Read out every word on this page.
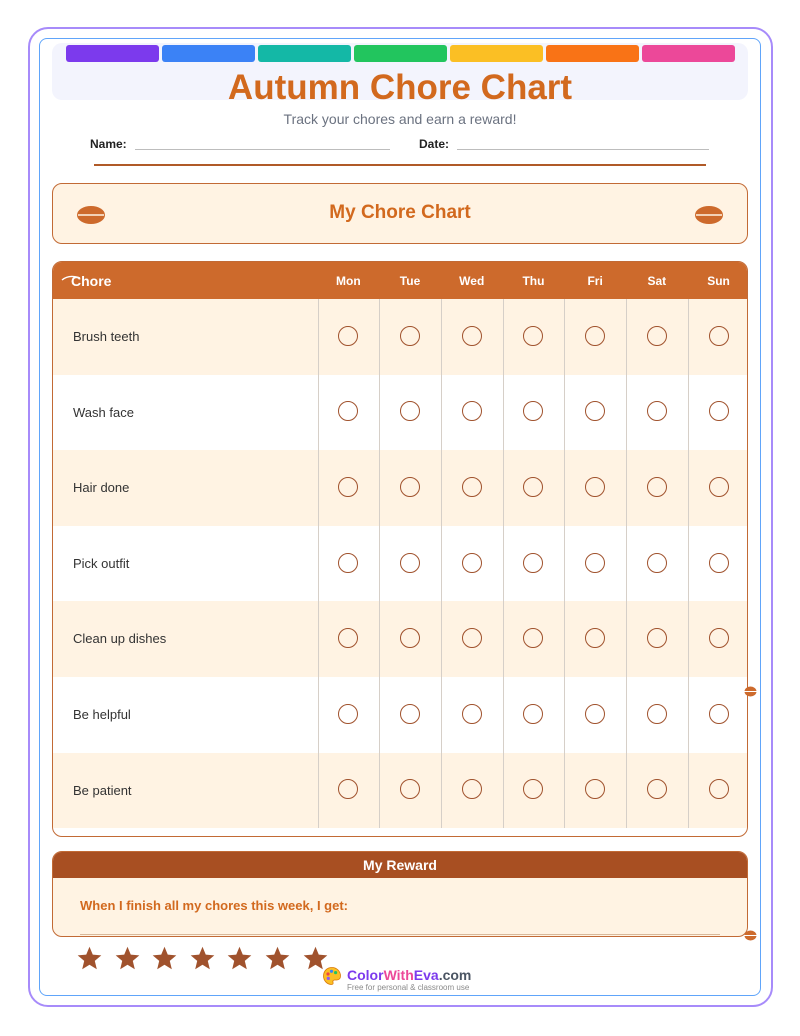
Autumn Chore Chart
Track your chores and earn a reward!
Name:	Date:
My Chore Chart
Chore	Mon	Tue	Wed	Thu	Fri	Sat	Sun
Brush teeth
Wash face
Hair done
Pick outfit
Clean up dishes
Be helpful
Be patient
My Reward
When I finish all my chores this week, I get:
ColorWithEva.com
Free for personal & classroom use
